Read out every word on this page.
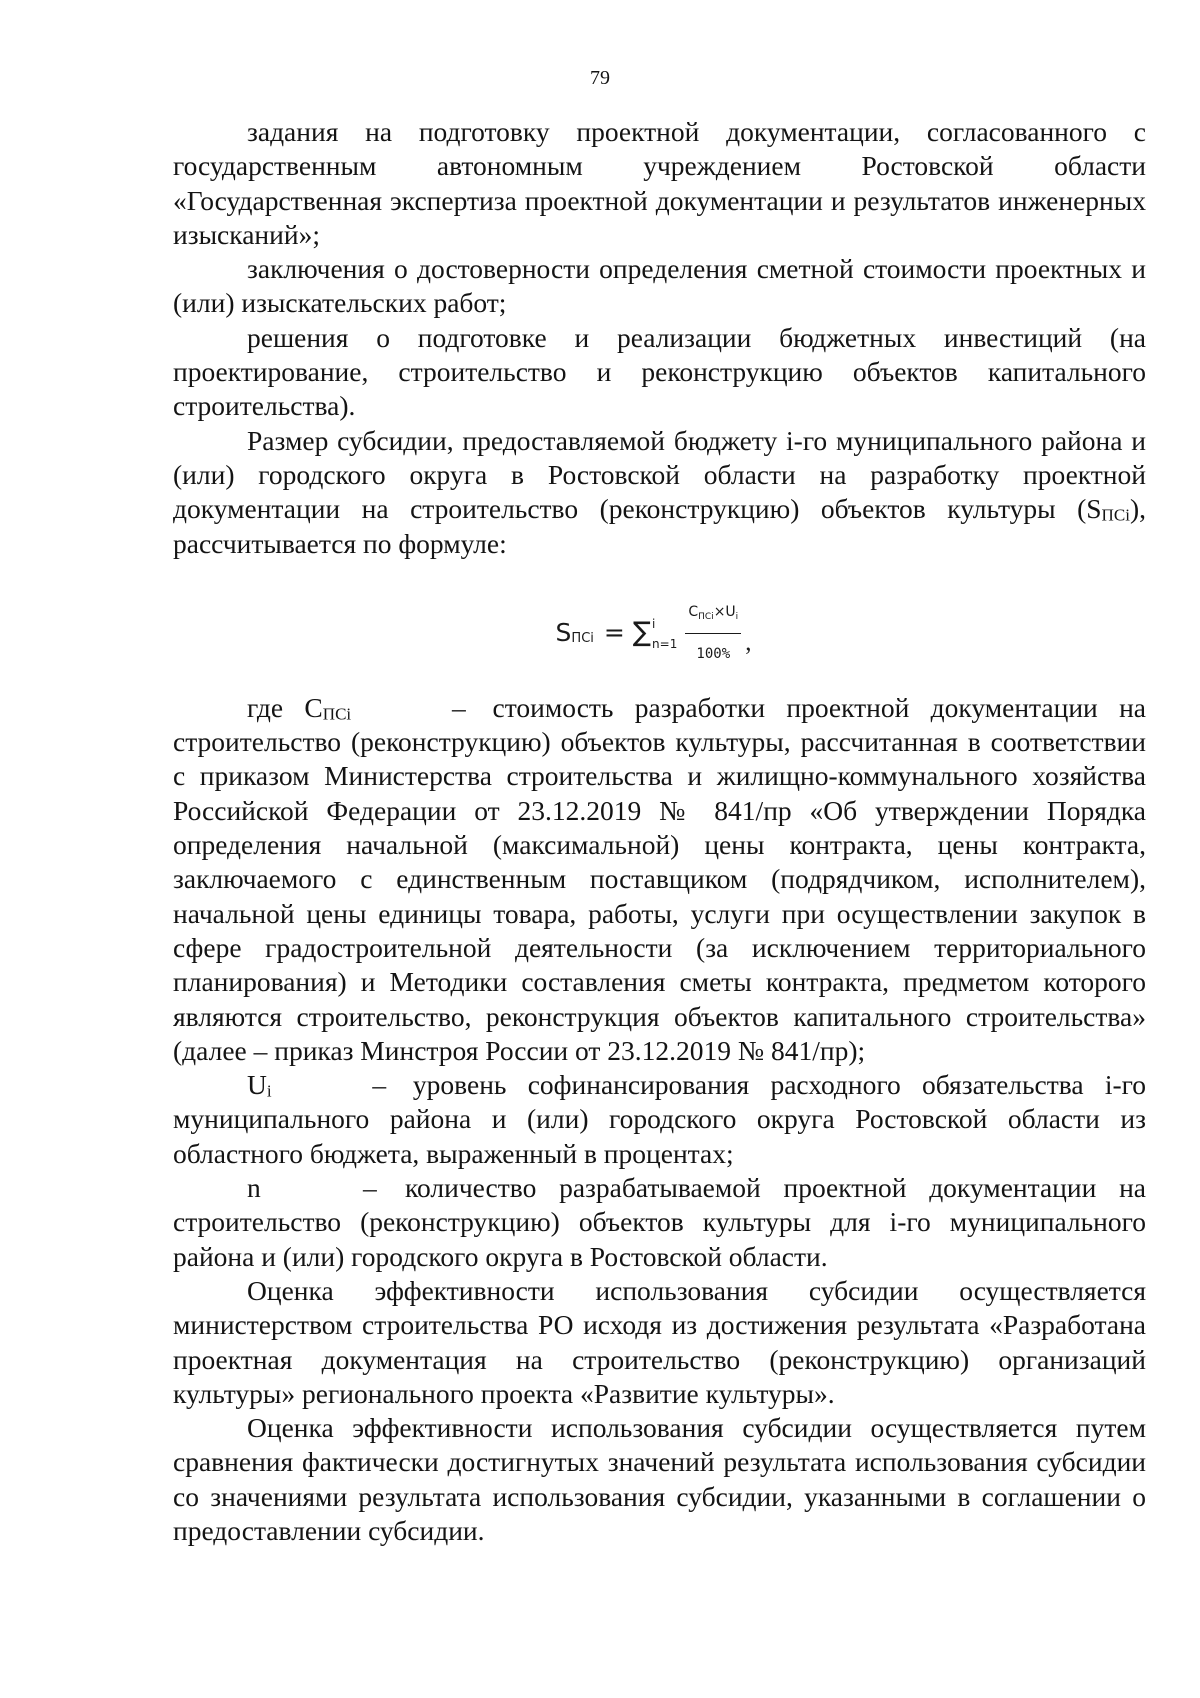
79

задания на подготовку проектной документации, согласованного с государственным автономным учреждением Ростовской области «Государственная экспертиза проектной документации и результатов инженерных изысканий»;

заключения о достоверности определения сметной стоимости проектных и (или) изыскательских работ;

решения о подготовке и реализации бюджетных инвестиций (на проектирование, строительство и реконструкцию объектов капитального строительства).

Размер субсидии, предоставляемой бюджету i-го муниципального района и (или) городского округа в Ростовской области на разработку проектной документации на строительство (реконструкцию) объектов культуры (SПСi), рассчитывается по формуле:

S ПСi = ∑ i
$n=1 \frac{C_{ПСi}\times U_i}{100\%}$ ,

где CПСi	– стоимость разработки проектной документации на строительство (реконструкцию) объектов культуры, рассчитанная в соответствии с приказом Министерства строительства и жилищно-коммунального хозяйства Российской Федерации от 23.12.2019 № 841/пр «Об утверждении Порядка определения начальной (максимальной) цены контракта, цены контракта, заключаемого с единственным поставщиком (подрядчиком, исполнителем), начальной цены единицы товара, работы, услуги при осуществлении закупок в сфере градостроительной деятельности (за исключением территориального планирования) и Методики составления сметы контракта, предметом которого являются строительство, реконструкция объектов капитального строительства» (далее – приказ Минстроя России от 23.12.2019 № 841/пр);

Ui	– уровень софинансирования расходного обязательства i-го муниципального района и (или) городского округа Ростовской области из областного бюджета, выраженный в процентах;

n	– количество разрабатываемой проектной документации на строительство (реконструкцию) объектов культуры для i-го муниципального района и (или) городского округа в Ростовской области.

Оценка эффективности использования субсидии осуществляется министерством строительства РО исходя из достижения результата «Разработана проектная документация на строительство (реконструкцию) организаций культуры» регионального проекта «Развитие культуры».

Оценка эффективности использования субсидии осуществляется путем сравнения фактически достигнутых значений результата использования субсидии со значениями результата использования субсидии, указанными в соглашении о предоставлении субсидии.
